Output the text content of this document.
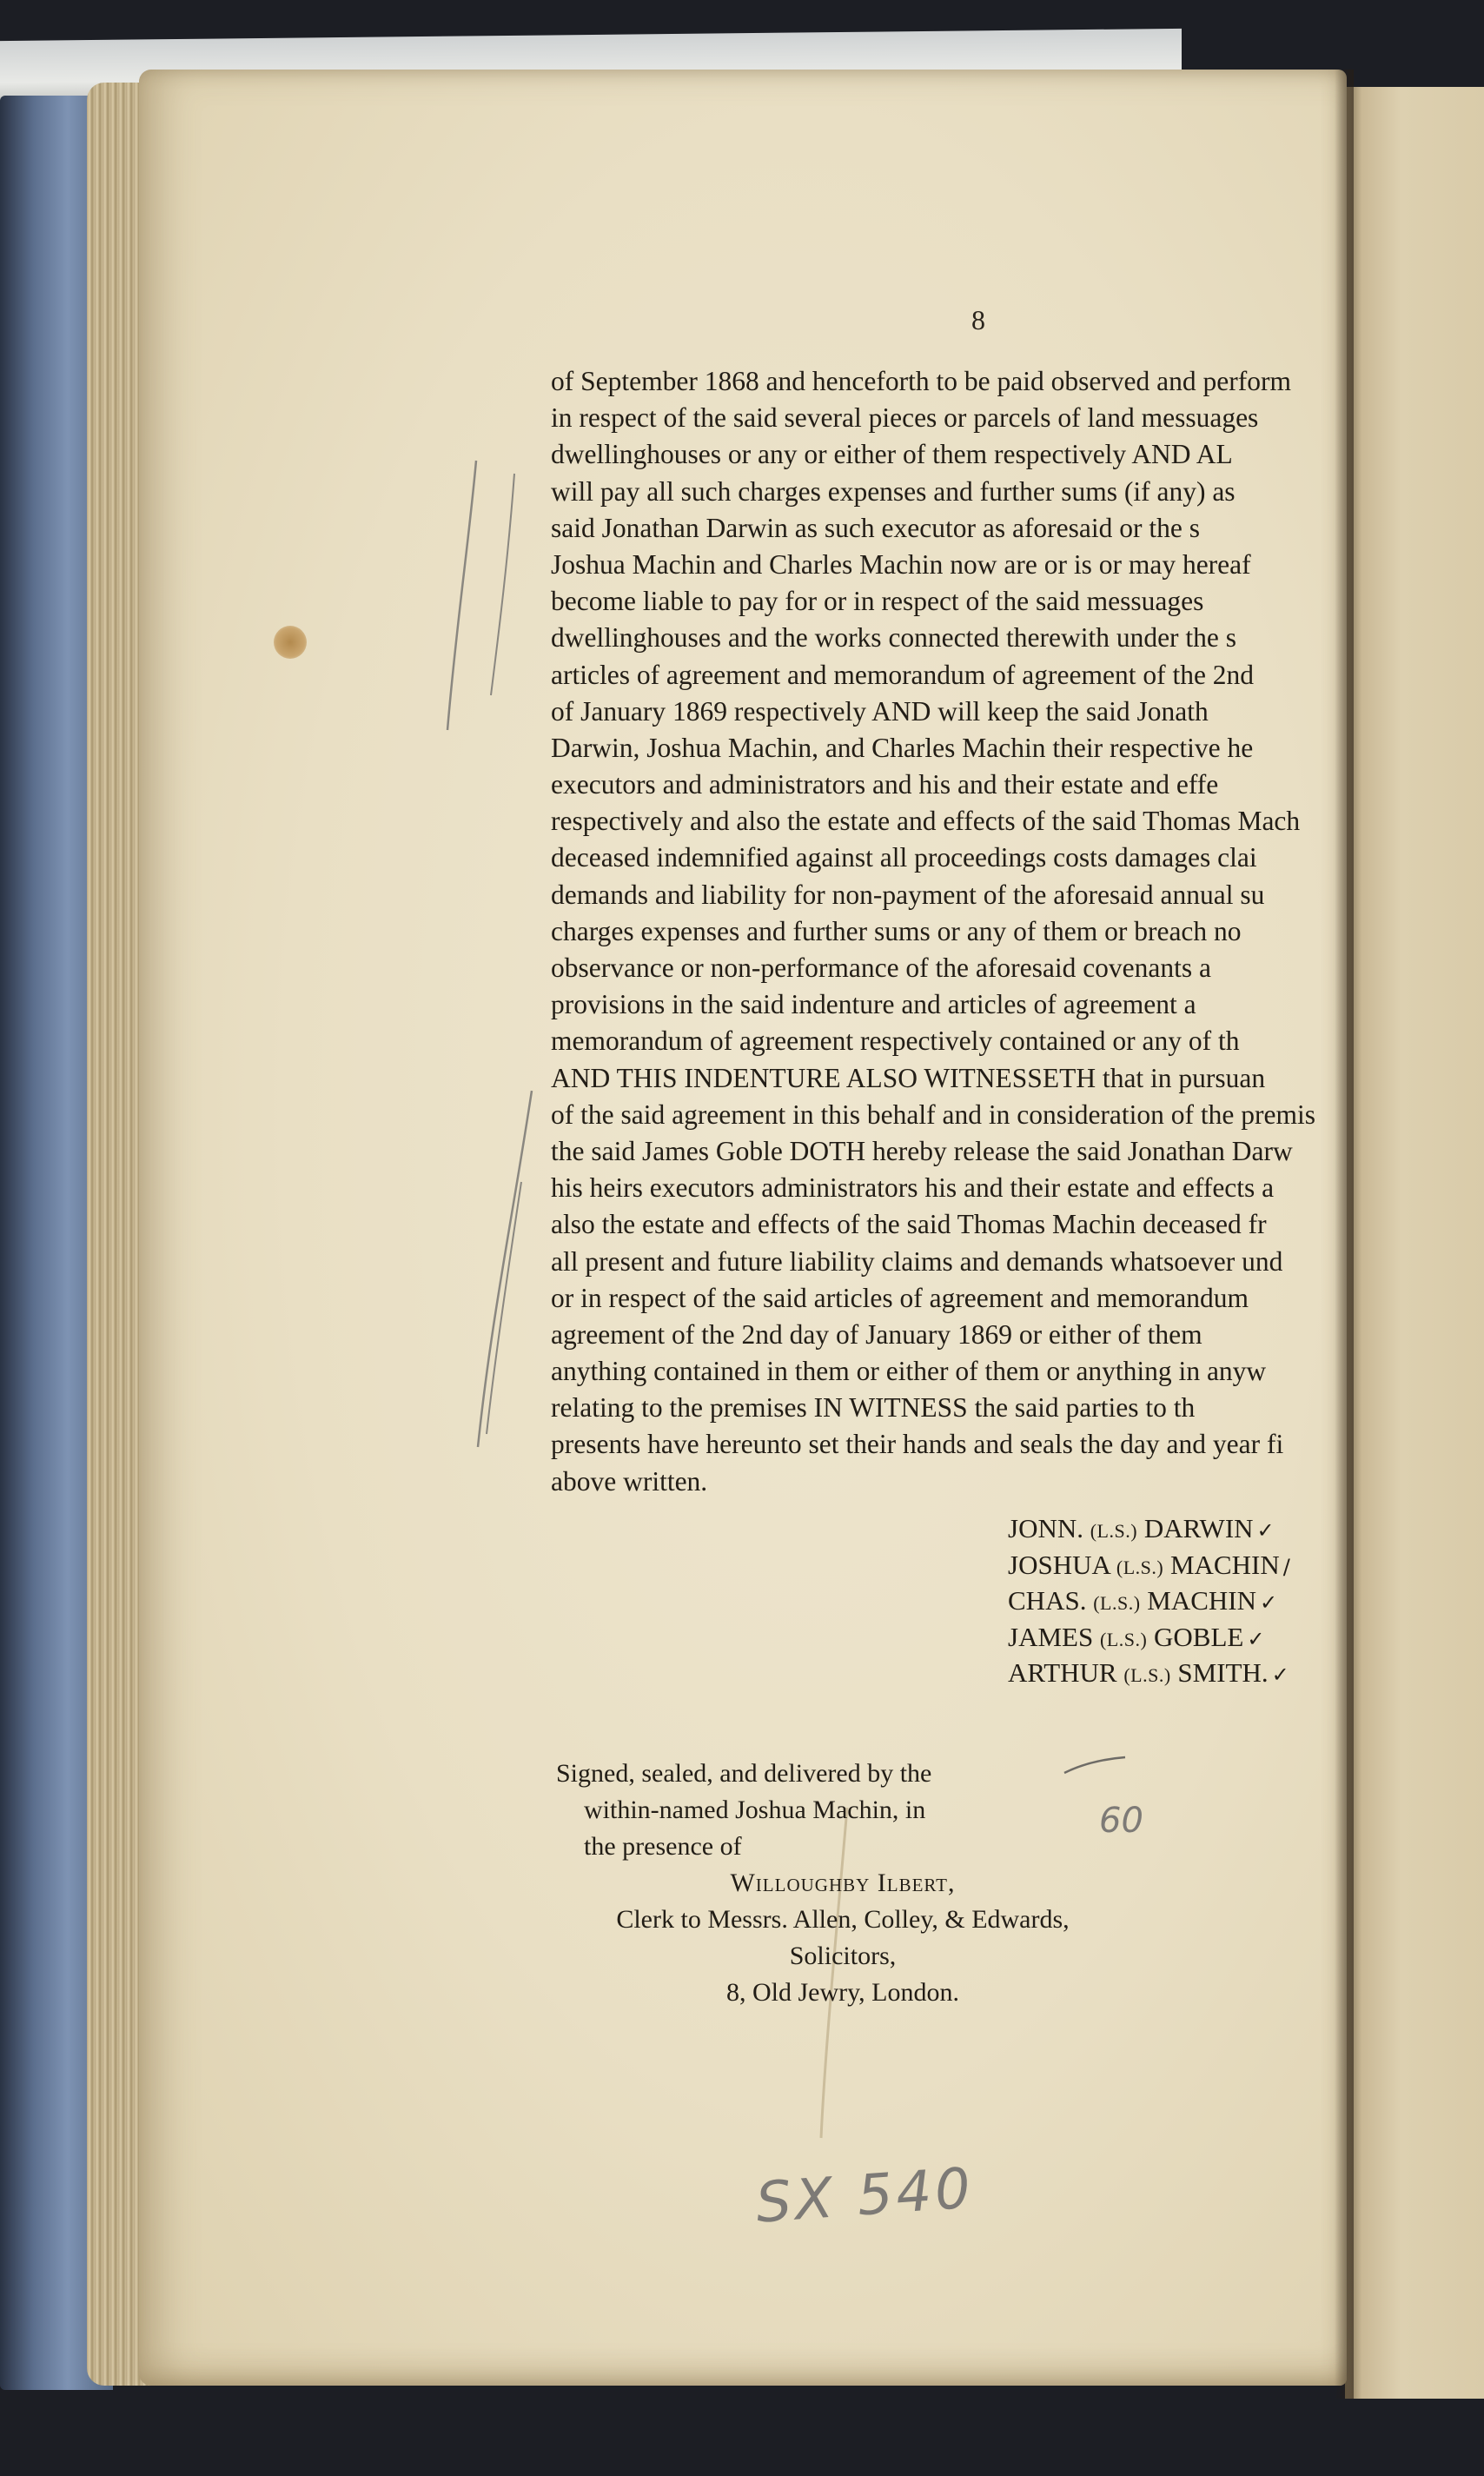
8
of September 1868 and henceforth to be paid observed and perform
in respect of the said several pieces or parcels of land messuages
dwellinghouses or any or either of them respectively AND AL
will pay all such charges expenses and further sums (if any) as
said Jonathan Darwin as such executor as aforesaid or the s
Joshua Machin and Charles Machin now are or is or may hereaf
become liable to pay for or in respect of the said messuages
dwellinghouses and the works connected therewith under the s
articles of agreement and memorandum of agreement of the 2nd
of January 1869 respectively AND will keep the said Jonath
Darwin, Joshua Machin, and Charles Machin their respective he
executors and administrators and his and their estate and effe
respectively and also the estate and effects of the said Thomas Mach
deceased indemnified against all proceedings costs damages clai
demands and liability for non-payment of the aforesaid annual su
charges expenses and further sums or any of them or breach no
observance or non-performance of the aforesaid covenants a
provisions in the said indenture and articles of agreement a
memorandum of agreement respectively contained or any of th
AND THIS INDENTURE ALSO WITNESSETH that in pursuan
of the said agreement in this behalf and in consideration of the premis
the said James Goble DOTH hereby release the said Jonathan Darw
his heirs executors administrators his and their estate and effects a
also the estate and effects of the said Thomas Machin deceased fr
all present and future liability claims and demands whatsoever und
or in respect of the said articles of agreement and memorandum
agreement of the 2nd day of January 1869 or either of them
anything contained in them or either of them or anything in anyw
relating to the premises IN WITNESS the said parties to th
presents have hereunto set their hands and seals the day and year fi
above written.
JONN. (L.S.) DARWIN ✓
JOSHUA (L.S.) MACHIN /
CHAS. (L.S.) MACHIN ✓
JAMES (L.S.) GOBLE ✓
ARTHUR (L.S.) SMITH. ✓
Signed, sealed, and delivered by the
within-named Joshua Machin, in
the presence of
Willoughby Ilbert,
Clerk to Messrs. Allen, Colley, & Edwards,
Solicitors,
8, Old Jewry, London.
60
SX 540
